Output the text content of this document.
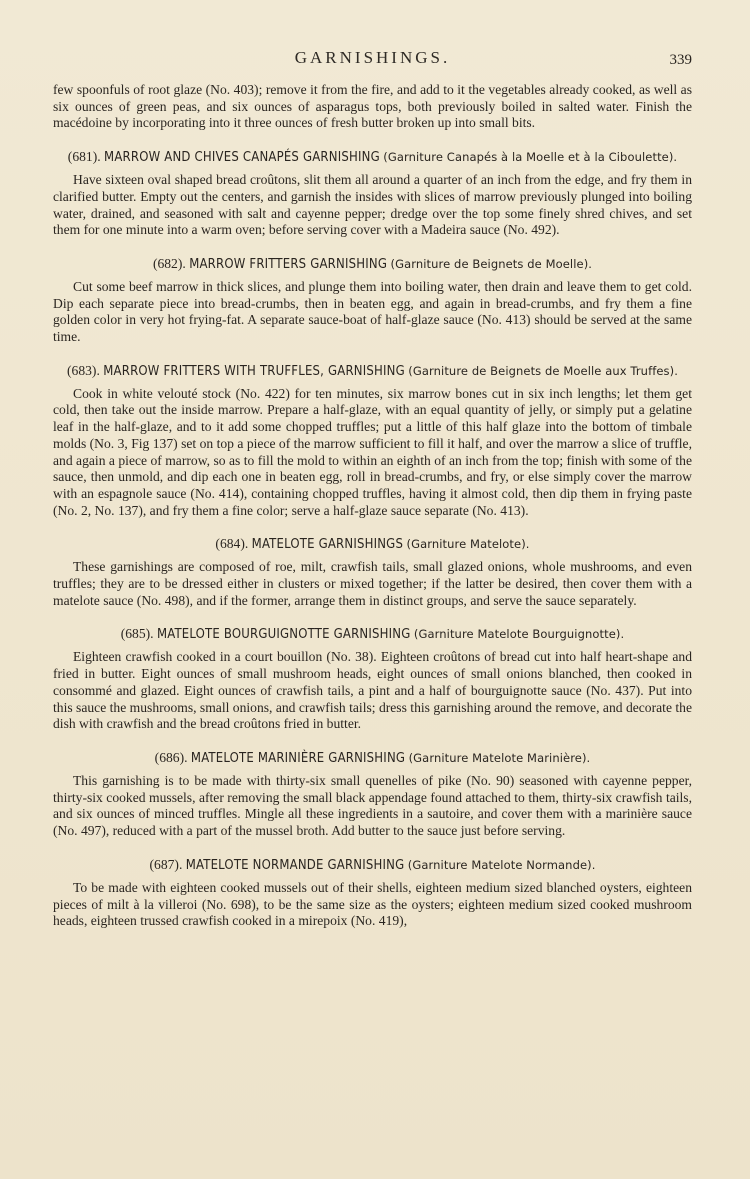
GARNISHINGS.	339

few spoonfuls of root glaze (No. 403); remove it from the fire, and add to it the vegetables already cooked, as well as six ounces of green peas, and six ounces of asparagus tops, both previously boiled in salted water. Finish the macédoine by incorporating into it three ounces of fresh butter broken up into small bits.

(681). MARROW AND CHIVES CANAPÉS GARNISHING (Garniture Canapés à la Moelle et à la Ciboulette).

Have sixteen oval shaped bread croûtons, slit them all around a quarter of an inch from the edge, and fry them in clarified butter. Empty out the centers, and garnish the insides with slices of marrow previously plunged into boiling water, drained, and seasoned with salt and cayenne pepper; dredge over the top some finely shred chives, and set them for one minute into a warm oven; before serving cover with a Madeira sauce (No. 492).

(682). MARROW FRITTERS GARNISHING (Garniture de Beignets de Moelle).

Cut some beef marrow in thick slices, and plunge them into boiling water, then drain and leave them to get cold. Dip each separate piece into bread-crumbs, then in beaten egg, and again in bread-crumbs, and fry them a fine golden color in very hot frying-fat. A separate sauce-boat of half-glaze sauce (No. 413) should be served at the same time.

(683). MARROW FRITTERS WITH TRUFFLES, GARNISHING (Garniture de Beignets de Moelle aux Truffes).

Cook in white velouté stock (No. 422) for ten minutes, six marrow bones cut in six inch lengths; let them get cold, then take out the inside marrow. Prepare a half-glaze, with an equal quantity of jelly, or simply put a gelatine leaf in the half-glaze, and to it add some chopped truffles; put a little of this half glaze into the bottom of timbale molds (No. 3, Fig 137) set on top a piece of the marrow sufficient to fill it half, and over the marrow a slice of truffle, and again a piece of marrow, so as to fill the mold to within an eighth of an inch from the top; finish with some of the sauce, then unmold, and dip each one in beaten egg, roll in bread-crumbs, and fry, or else simply cover the marrow with an espagnole sauce (No. 414), containing chopped truffles, having it almost cold, then dip them in frying paste (No. 2, No. 137), and fry them a fine color; serve a half-glaze sauce separate (No. 413).

(684). MATELOTE GARNISHINGS (Garniture Matelote).

These garnishings are composed of roe, milt, crawfish tails, small glazed onions, whole mushrooms, and even truffles; they are to be dressed either in clusters or mixed together; if the latter be desired, then cover them with a matelote sauce (No. 498), and if the former, arrange them in distinct groups, and serve the sauce separately.

(685). MATELOTE BOURGUIGNOTTE GARNISHING (Garniture Matelote Bourguignotte).

Eighteen crawfish cooked in a court bouillon (No. 38). Eighteen croûtons of bread cut into half heart-shape and fried in butter. Eight ounces of small mushroom heads, eight ounces of small onions blanched, then cooked in consommé and glazed. Eight ounces of crawfish tails, a pint and a half of bourguignotte sauce (No. 437). Put into this sauce the mushrooms, small onions, and crawfish tails; dress this garnishing around the remove, and decorate the dish with crawfish and the bread croûtons fried in butter.

(686). MATELOTE MARINIÈRE GARNISHING (Garniture Matelote Marinière).

This garnishing is to be made with thirty-six small quenelles of pike (No. 90) seasoned with cayenne pepper, thirty-six cooked mussels, after removing the small black appendage found attached to them, thirty-six crawfish tails, and six ounces of minced truffles. Mingle all these ingredients in a sautoire, and cover them with a marinière sauce (No. 497), reduced with a part of the mussel broth. Add butter to the sauce just before serving.

(687). MATELOTE NORMANDE GARNISHING (Garniture Matelote Normande).

To be made with eighteen cooked mussels out of their shells, eighteen medium sized blanched oysters, eighteen pieces of milt à la villeroi (No. 698), to be the same size as the oysters; eighteen medium sized cooked mushroom heads, eighteen trussed crawfish cooked in a mirepoix (No. 419),
